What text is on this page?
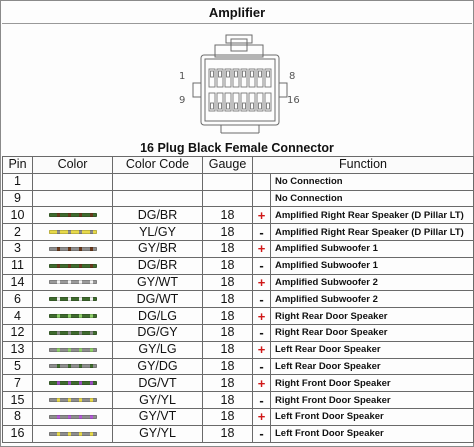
Amplifier
1	8
9	16
16 Plug Black Female Connector
Pin	Color	Color Code	Gauge	Function	
1					No Connection
9					No Connection
10		DG/BR	18	+	Amplified Right Rear Speaker (D Pillar LT)
2		YL/GY	18	-	Amplified Right Rear Speaker (D Pillar LT)
3		GY/BR	18	+	Amplified Subwoofer 1
11		DG/BR	18	-	Amplified Subwoofer 1
14		GY/WT	18	+	Amplified Subwoofer 2
6		DG/WT	18	-	Amplified Subwoofer 2
4		DG/LG	18	+	Right Rear Door Speaker
12		DG/GY	18	-	Right Rear Door Speaker
13		GY/LG	18	+	Left Rear Door Speaker
5		GY/DG	18	-	Left Rear Door Speaker
7		DG/VT	18	+	Right Front Door Speaker
15		GY/YL	18	-	Right Front Door Speaker
8		GY/VT	18	+	Left Front Door Speaker
16		GY/YL	18	-	Left Front Door Speaker
